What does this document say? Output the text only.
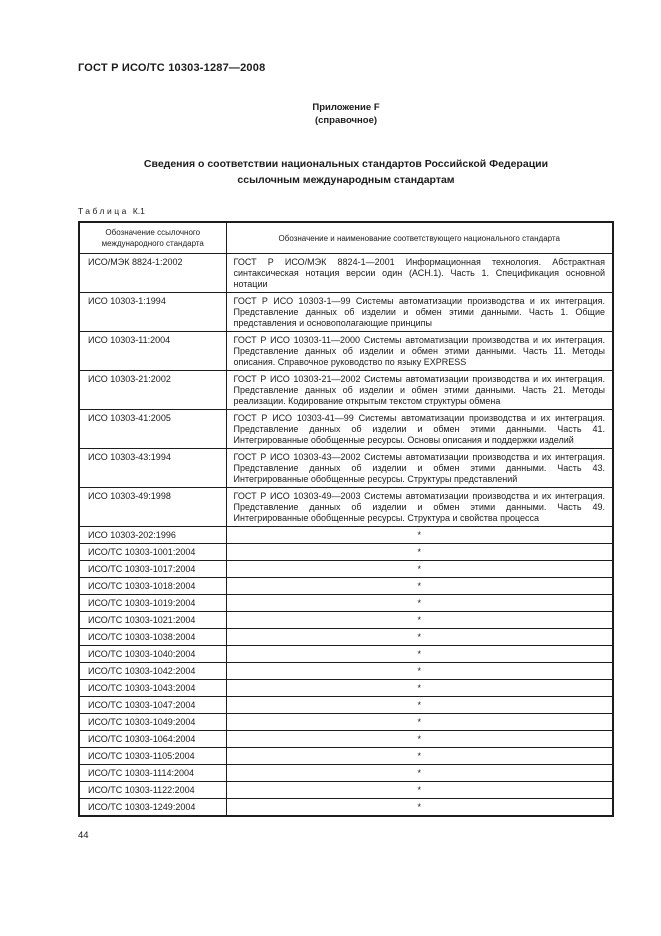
ГОСТ Р ИСО/ТС 10303-1287—2008
Приложение F
(справочное)
Сведения о соответствии национальных стандартов Российской Федерации
ссылочным международным стандартам
Таблица К.1
Обозначение ссылочного международного стандарта	Обозначение и наименование соответствующего национального стандарта
ИСО/МЭК 8824-1:2002	ГОСТ Р ИСО/МЭК 8824-1—2001 Информационная технология. Абстрактная синтаксическая нотация версии один (АСН.1). Часть 1. Спецификация основной нотации
ИСО 10303-1:1994	ГОСТ Р ИСО 10303-1—99 Системы автоматизации производства и их интеграция. Представление данных об изделии и обмен этими данными. Часть 1. Общие представления и основополагающие принципы
ИСО 10303-11:2004	ГОСТ Р ИСО 10303-11—2000 Системы автоматизации производства и их интеграция. Представление данных об изделии и обмен этими данными. Часть 11. Методы описания. Справочное руководство по языку EXPRESS
ИСО 10303-21:2002	ГОСТ Р ИСО 10303-21—2002 Системы автоматизации производства и их интеграция. Представление данных об изделии и обмен этими данными. Часть 21. Методы реализации. Кодирование открытым текстом структуры обмена
ИСО 10303-41:2005	ГОСТ Р ИСО 10303-41—99 Системы автоматизации производства и их интеграция. Представление данных об изделии и обмен этими данными. Часть 41. Интегрированные обобщенные ресурсы. Основы описания и поддержки изделий
ИСО 10303-43:1994	ГОСТ Р ИСО 10303-43—2002 Системы автоматизации производства и их интеграция. Представление данных об изделии и обмен этими данными. Часть 43. Интегрированные обобщенные ресурсы. Структуры представлений
ИСО 10303-49:1998	ГОСТ Р ИСО 10303-49—2003 Системы автоматизации производства и их интеграция. Представление данных об изделии и обмен этими данными. Часть 49. Интегрированные обобщенные ресурсы. Структура и свойства процесса
ИСО 10303-202:1996	*
ИСО/ТС 10303-1001:2004	*
ИСО/ТС 10303-1017:2004	*
ИСО/ТС 10303-1018:2004	*
ИСО/ТС 10303-1019:2004	*
ИСО/ТС 10303-1021:2004	*
ИСО/ТС 10303-1038:2004	*
ИСО/ТС 10303-1040:2004	*
ИСО/ТС 10303-1042:2004	*
ИСО/ТС 10303-1043:2004	*
ИСО/ТС 10303-1047:2004	*
ИСО/ТС 10303-1049:2004	*
ИСО/ТС 10303-1064:2004	*
ИСО/ТС 10303-1105:2004	*
ИСО/ТС 10303-1114:2004	*
ИСО/ТС 10303-1122:2004	*
ИСО/ТС 10303-1249:2004	*
44
